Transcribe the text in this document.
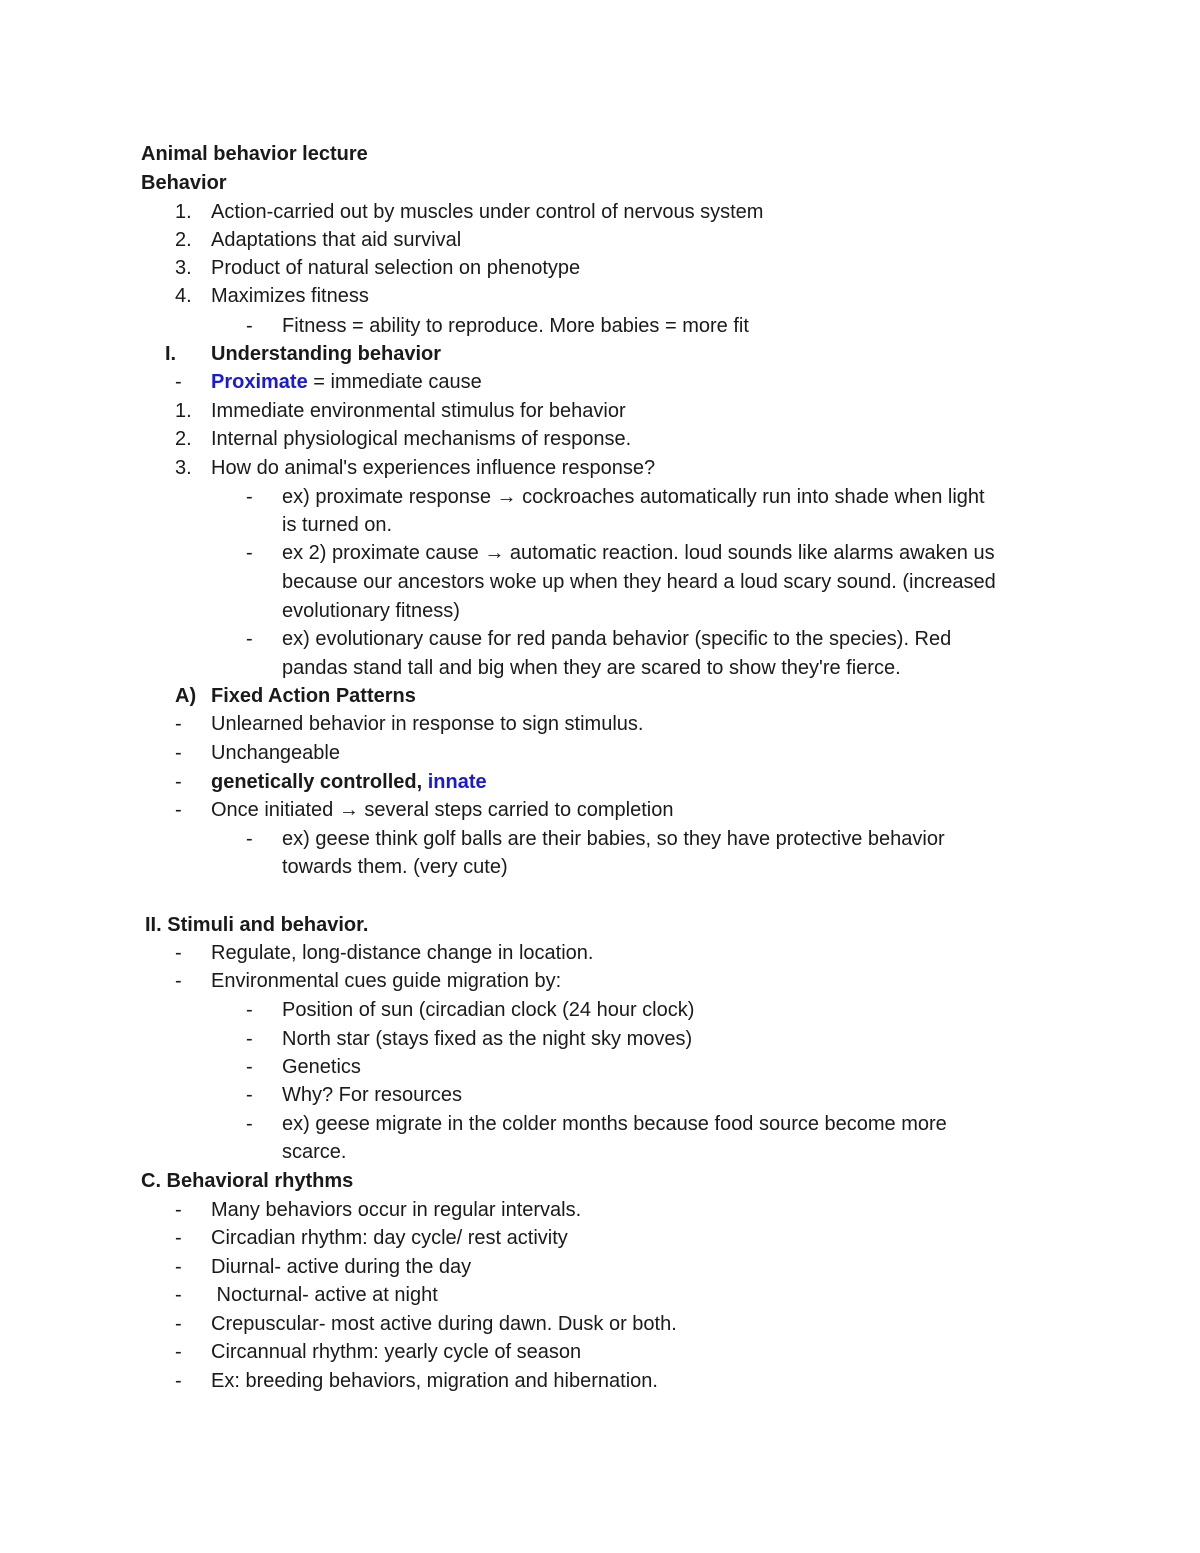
Animal behavior lecture
Behavior
1. Action-carried out by muscles under control of nervous system
2. Adaptations that aid survival
3. Product of natural selection on phenotype
4. Maximizes fitness
- Fitness = ability to reproduce. More babies = more fit
I. Understanding behavior
- Proximate = immediate cause
1. Immediate environmental stimulus for behavior
2. Internal physiological mechanisms of response.
3. How do animal's experiences influence response?
- ex) proximate response → cockroaches automatically run into shade when light
is turned on.
- ex 2) proximate cause → automatic reaction. loud sounds like alarms awaken us
because our ancestors woke up when they heard a loud scary sound. (increased
evolutionary fitness)
- ex) evolutionary cause for red panda behavior (specific to the species). Red
pandas stand tall and big when they are scared to show they're fierce.
A) Fixed Action Patterns
- Unlearned behavior in response to sign stimulus.
- Unchangeable
- genetically controlled, innate
- Once initiated → several steps carried to completion
- ex) geese think golf balls are their babies, so they have protective behavior
towards them. (very cute)
II. Stimuli and behavior.
- Regulate, long-distance change in location.
- Environmental cues guide migration by:
- Position of sun (circadian clock (24 hour clock)
- North star (stays fixed as the night sky moves)
- Genetics
- Why? For resources
- ex) geese migrate in the colder months because food source become more
scarce.
C. Behavioral rhythms
- Many behaviors occur in regular intervals.
- Circadian rhythm: day cycle/ rest activity
- Diurnal- active during the day
- Nocturnal- active at night
- Crepuscular- most active during dawn. Dusk or both.
- Circannual rhythm: yearly cycle of season
- Ex: breeding behaviors, migration and hibernation.
